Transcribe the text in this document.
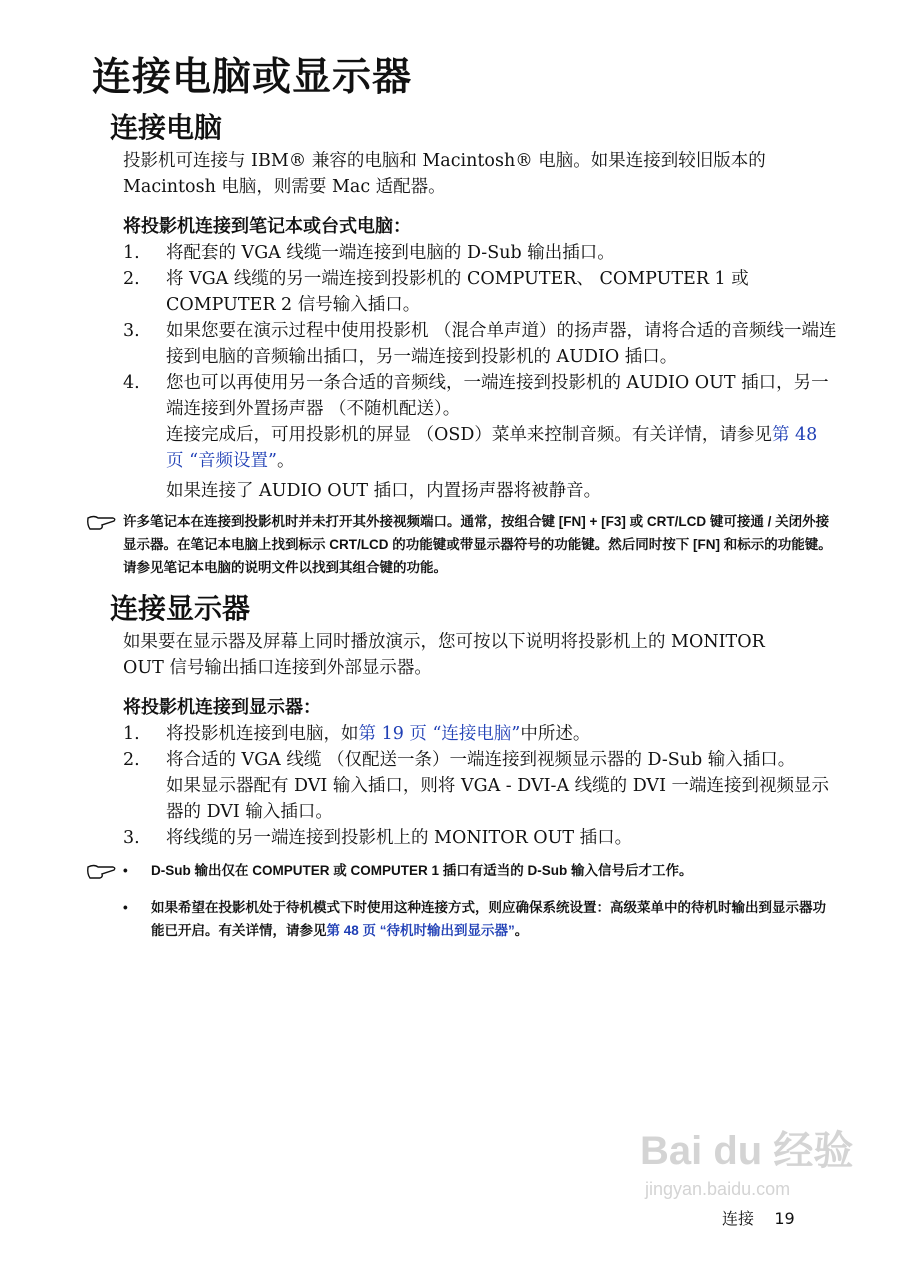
连接电脑或显示器
连接电脑
投影机可连接与 IBM® 兼容的电脑和 Macintosh® 电脑。如果连接到较旧版本的 Macintosh 电脑，则需要 Mac 适配器。
将投影机连接到笔记本或台式电脑：
1. 将配套的 VGA 线缆一端连接到电脑的 D-Sub 输出插口。
2. 将 VGA 线缆的另一端连接到投影机的 COMPUTER、 COMPUTER 1 或 COMPUTER 2 信号输入插口。
3. 如果您要在演示过程中使用投影机 （混合单声道）的扬声器，请将合适的音频线一端连接到电脑的音频输出插口，另一端连接到投影机的 AUDIO 插口。
4. 您也可以再使用另一条合适的音频线，一端连接到投影机的 AUDIO OUT 插口，另一端连接到外置扬声器 （不随机配送）。
连接完成后，可用投影机的屏显 （OSD）菜单来控制音频。有关详情，请参见第 48 页 “音频设置”。
如果连接了 AUDIO OUT 插口，内置扬声器将被静音。
许多笔记本在连接到投影机时并未打开其外接视频端口。通常，按组合键 [FN] + [F3] 或 CRT/LCD 键可接通 / 关闭外接显示器。在笔记本电脑上找到标示 CRT/LCD 的功能键或带显示器符号的功能键。然后同时按下 [FN] 和标示的功能键。请参见笔记本电脑的说明文件以找到其组合键的功能。
连接显示器
如果要在显示器及屏幕上同时播放演示，您可按以下说明将投影机上的 MONITOR OUT 信号输出插口连接到外部显示器。
将投影机连接到显示器：
1. 将投影机连接到电脑，如第 19 页 “连接电脑”中所述。
2. 将合适的 VGA 线缆 （仅配送一条）一端连接到视频显示器的 D-Sub 输入插口。
如果显示器配有 DVI 输入插口，则将 VGA - DVI-A 线缆的 DVI 一端连接到视频显示器的 DVI 输入插口。
3. 将线缆的另一端连接到投影机上的 MONITOR OUT 插口。
• D-Sub 输出仅在 COMPUTER 或 COMPUTER 1 插口有适当的 D-Sub 输入信号后才工作。
• 如果希望在投影机处于待机模式下时使用这种连接方式，则应确保系统设置：高级菜单中的待机时输出到显示器功能已开启。有关详情，请参见第 48 页 “待机时输出到显示器”。
Bai du 经验
jingyan.baidu.com
连接 19
